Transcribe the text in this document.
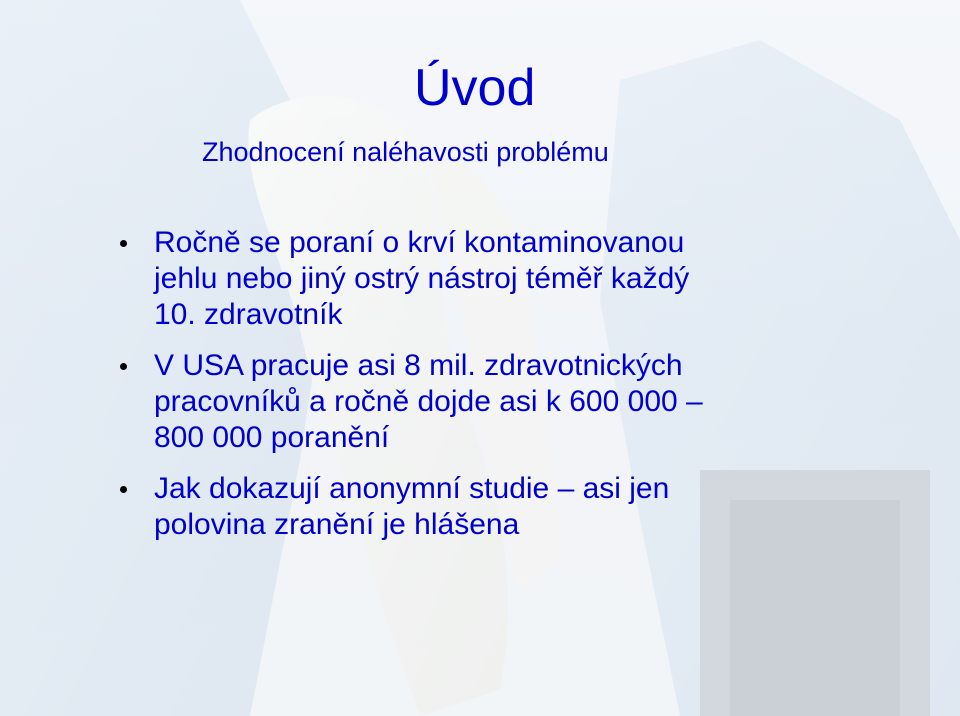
Úvod
Zhodnocení naléhavosti problému
Ročně se poraní o krví kontaminovanou
jehlu nebo jiný ostrý nástroj téměř každý
10. zdravotník
V USA pracuje asi 8 mil. zdravotnických
pracovníků a ročně dojde asi k 600 000 –
800 000 poranění
Jak dokazují anonymní studie – asi jen
polovina zranění je hlášena
